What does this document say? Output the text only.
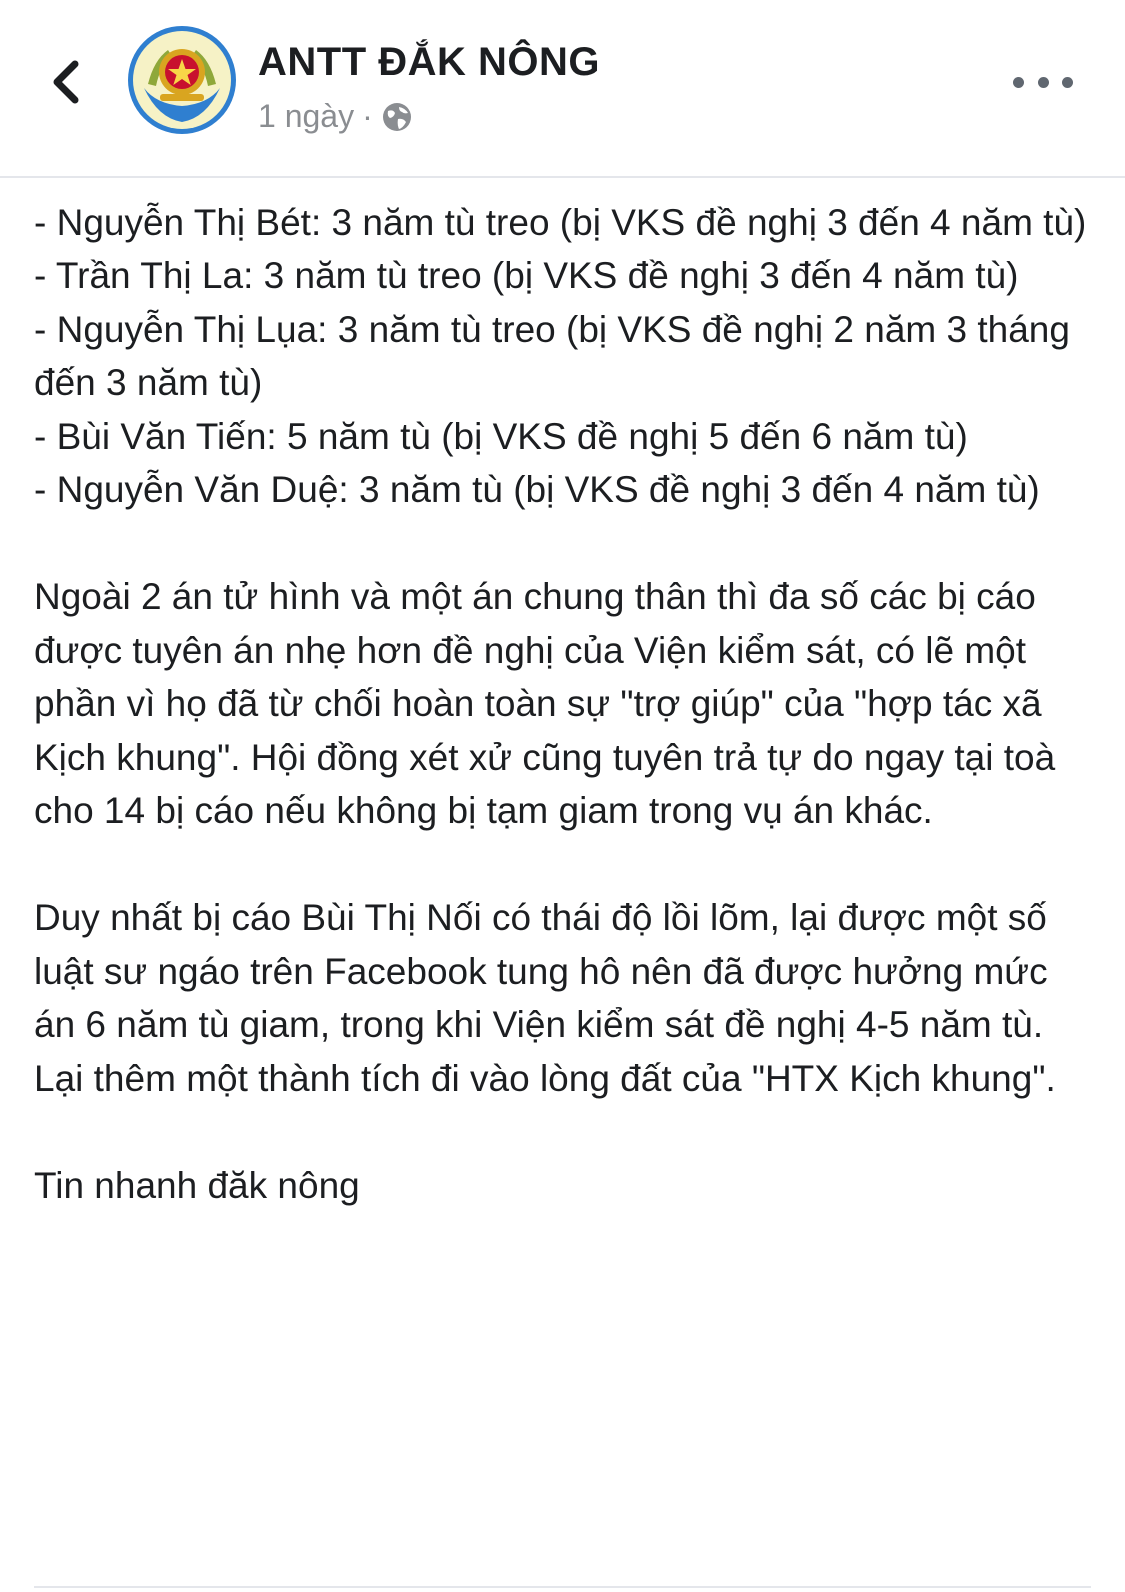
ANTT ĐẮK NÔNG
1 ngày ·

- Nguyễn Thị Bét: 3 năm tù treo (bị VKS đề nghị 3 đến 4 năm tù)

- Trần Thị La: 3 năm tù treo (bị VKS đề nghị 3 đến 4 năm tù)

- Nguyễn Thị Lụa: 3 năm tù treo (bị VKS đề nghị 2 năm 3 tháng đến 3 năm tù)

- Bùi Văn Tiến: 5 năm tù (bị VKS đề nghị 5 đến 6 năm tù)

- Nguyễn Văn Duệ: 3 năm tù (bị VKS đề nghị 3 đến 4 năm tù)

Ngoài 2 án tử hình và một án chung thân thì đa số các bị cáo được tuyên án nhẹ hơn đề nghị của Viện kiểm sát, có lẽ một phần vì họ đã từ chối hoàn toàn sự "trợ giúp" của "hợp tác xã Kịch khung". Hội đồng xét xử cũng tuyên trả tự do ngay tại toà cho 14 bị cáo nếu không bị tạm giam trong vụ án khác.

Duy nhất bị cáo Bùi Thị Nối có thái độ lồi lõm, lại được một số luật sư ngáo trên Facebook tung hô nên đã được hưởng mức án 6 năm tù giam, trong khi Viện kiểm sát đề nghị 4-5 năm tù. Lại thêm một thành tích đi vào lòng đất của "HTX Kịch khung".

Tin nhanh đăk nông
